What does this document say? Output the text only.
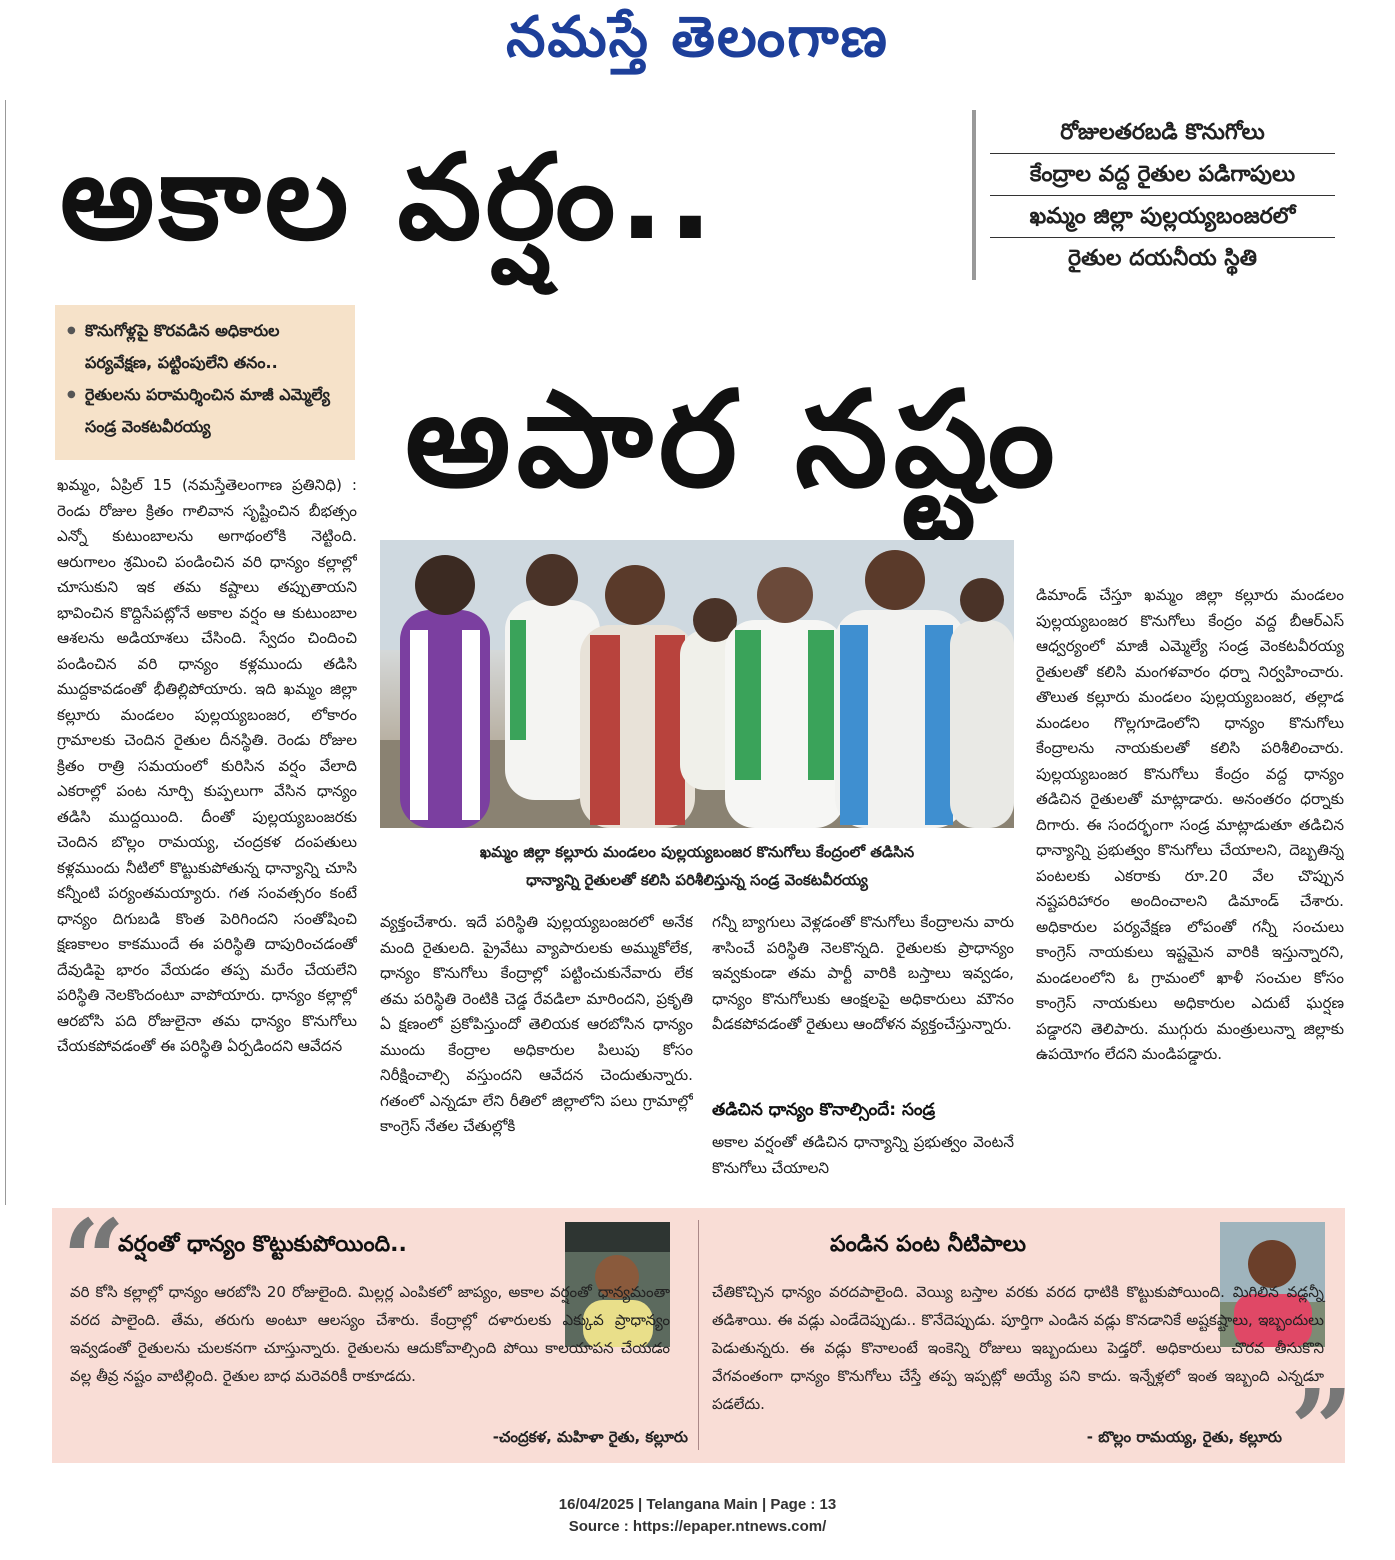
నమస్తే తెలంగాణ
అకాల వర్షం..
అపార నష్టం
రోజులతరబడి కొనుగోలు
కేంద్రాల వద్ద రైతుల పడిగాపులు
ఖమ్మం జిల్లా పుల్లయ్యబంజరలో
రైతుల దయనీయ స్థితి
● కొనుగోళ్లపై కొరవడిన అధికారుల పర్యవేక్షణ, పట్టింపులేని తనం..
● రైతులను పరామర్శించిన మాజీ ఎమ్మెల్యే సండ్ర వెంకటవీరయ్య

ఖమ్మం, ఏప్రిల్ 15 (నమస్తేతెలంగాణ ప్రతినిధి) : రెండు రోజుల క్రితం గాలివాన సృష్టించిన బీభత్సం ఎన్నో కుటుంబాలను అగాథంలోకి నెట్టింది. ఆరుగాలం శ్రమించి పండించిన వరి ధాన్యం కల్లాల్లో చూసుకుని ఇక తమ కష్టాలు తప్పుతాయని భావించిన కొద్దిసేపట్లోనే అకాల వర్షం ఆ కుటుంబాల ఆశలను అడియాశలు చేసింది. స్వేదం చిందించి పండించిన వరి ధాన్యం కళ్లముందు తడిసి ముద్దకావడంతో భీతిల్లిపోయారు. ఇది ఖమ్మం జిల్లా కల్లూరు మండలం పుల్లయ్యబంజర, లోకారం గ్రామాలకు చెందిన రైతుల దీనస్థితి. రెండు రోజుల క్రితం రాత్రి సమయంలో కురిసిన వర్షం వేలాది ఎకరాల్లో పంట నూర్చి కుప్పలుగా వేసిన ధాన్యం తడిసి ముద్దయింది. దీంతో పుల్లయ్యబంజరకు చెందిన బొల్లం రామయ్య, చంద్రకళ దంపతులు కళ్లముందు నీటిలో కొట్టుకుపోతున్న ధాన్యాన్ని చూసి కన్నీంటి పర్యంతమయ్యారు. గత సంవత్సరం కంటే ధాన్యం దిగుబడి కొంత పెరిగిందని సంతోషించి క్షణకాలం కాకముందే ఈ పరిస్థితి దాపురించడంతో దేవుడిపై భారం వేయడం తప్ప మరేం చేయలేని పరిస్థితి నెలకొందంటూ వాపోయారు. ధాన్యం కల్లాల్లో ఆరబోసి పది రోజులైనా తమ ధాన్యం కొనుగోలు చేయకపోవడంతో ఈ పరిస్థితి ఏర్పడిందని ఆవేదన

ఖమ్మం జిల్లా కల్లూరు మండలం పుల్లయ్యబంజర కొనుగోలు కేంద్రంలో తడిసిన
ధాన్యాన్ని రైతులతో కలిసి పరిశీలిస్తున్న సండ్ర వెంకటవీరయ్య

వ్యక్తంచేశారు. ఇదే పరిస్థితి పుల్లయ్యబంజరలో అనేక మంది రైతులది. ప్రైవేటు వ్యాపారులకు అమ్ముకోలేక, ధాన్యం కొనుగోలు కేంద్రాల్లో పట్టించుకునేవారు లేక తమ పరిస్థితి రెంటికి చెడ్డ రేవడిలా మారిందని, ప్రకృతి ఏ క్షణంలో ప్రకోపిస్తుందో తెలియక ఆరబోసిన ధాన్యం ముందు కేంద్రాల అధికారుల పిలుపు కోసం నిరీక్షించాల్సి వస్తుందని ఆవేదన చెందుతున్నారు. గతంలో ఎన్నడూ లేని రీతిలో జిల్లాలోని పలు గ్రామాల్లో కాంగ్రెస్ నేతల చేతుల్లోకి

గన్నీ బ్యాగులు వెళ్లడంతో కొనుగోలు కేంద్రాలను వారు శాసించే పరిస్థితి నెలకొన్నది. రైతులకు ప్రాధాన్యం ఇవ్వకుండా తమ పార్టీ వారికి బస్తాలు ఇవ్వడం, ధాన్యం కొనుగోలుకు ఆంక్షలపై అధికారులు మౌనం వీడకపోవడంతో రైతులు ఆందోళన వ్యక్తంచేస్తున్నారు.

తడిచిన ధాన్యం కొనాల్సిందే: సండ్ర

అకాల వర్షంతో తడిచిన ధాన్యాన్ని ప్రభుత్వం వెంటనే కొనుగోలు చేయాలని

డిమాండ్ చేస్తూ ఖమ్మం జిల్లా కల్లూరు మండలం పుల్లయ్యబంజర కొనుగోలు కేంద్రం వద్ద బీఆర్ఎస్ ఆధ్వర్యంలో మాజీ ఎమ్మెల్యే సండ్ర వెంకటవీరయ్య రైతులతో కలిసి మంగళవారం ధర్నా నిర్వహించారు. తొలుత కల్లూరు మండలం పుల్లయ్యబంజర, తల్లాడ మండలం గొల్లగూడెంలోని ధాన్యం కొనుగోలు కేంద్రాలను నాయకులతో కలిసి పరిశీలించారు. పుల్లయ్యబంజర కొనుగోలు కేంద్రం వద్ద ధాన్యం తడిచిన రైతులతో మాట్లాడారు. అనంతరం ధర్నాకు దిగారు. ఈ సందర్భంగా సండ్ర మాట్లాడుతూ తడిచిన ధాన్యాన్ని ప్రభుత్వం కొనుగోలు చేయాలని, దెబ్బతిన్న పంటలకు ఎకరాకు రూ.20 వేల చొప్పున నష్టపరిహారం అందించాలని డిమాండ్ చేశారు. అధికారుల పర్యవేక్షణ లోపంతో గన్నీ సంచులు కాంగ్రెస్ నాయకులు ఇష్టమైన వారికి ఇస్తున్నారని, మండలంలోని ఓ గ్రామంలో ఖాళీ సంచుల కోసం కాంగ్రెస్ నాయకులు అధికారుల ఎదుటే ఘర్షణ పడ్డారని తెలిపారు. ముగ్గురు మంత్రులున్నా జిల్లాకు ఉపయోగం లేదని మండిపడ్డారు.

“
వర్షంతో ధాన్యం కొట్టుకుపోయింది..
వరి కోసి కల్లాల్లో ధాన్యం ఆరబోసి 20 రోజులైంది. మిల్లర్ల ఎంపికలో జాప్యం, అకాల వర్షంతో ధాన్యమంతా వరద పాలైంది. తేమ, తరుగు అంటూ ఆలస్యం చేశారు. కేంద్రాల్లో దళారులకు ఎక్కువ ప్రాధాన్యం ఇవ్వడంతో రైతులను చులకనగా చూస్తున్నారు. రైతులను ఆదుకోవాల్సింది పోయి కాలయాపన చేయడం వల్ల తీవ్ర నష్టం వాటిల్లింది. రైతుల బాధ మరెవరికీ రాకూడదు.
-చంద్రకళ, మహిళా రైతు, కల్లూరు
పండిన పంట నీటిపాలు
చేతికొచ్చిన ధాన్యం వరదపాలైంది. వెయ్యి బస్తాల వరకు వరద ధాటికి కొట్టుకుపోయింది. మిగిలిన వడ్లన్నీ తడిశాయి. ఈ వడ్లు ఎండేదెప్పుడు.. కొనేదెప్పుడు. పూర్తిగా ఎండిన వడ్లు కొనడానికే అష్టకష్టాలు, ఇబ్బందులు పెడుతున్నరు. ఈ వడ్లు కొనాలంటే ఇంకెన్ని రోజులు ఇబ్బందులు పెడ్తరో. అధికారులు చొరవ తీసుకొని వేగవంతంగా ధాన్యం కొనుగోలు చేస్తే తప్ప ఇప్పట్లో అయ్యే పని కాదు. ఇన్నేళ్లలో ఇంత ఇబ్బంది ఎన్నడూ పడలేదు.
- బొల్లం రామయ్య, రైతు, కల్లూరు ”
16/04/2025 | Telangana Main | Page : 13
Source : https://epaper.ntnews.com/
